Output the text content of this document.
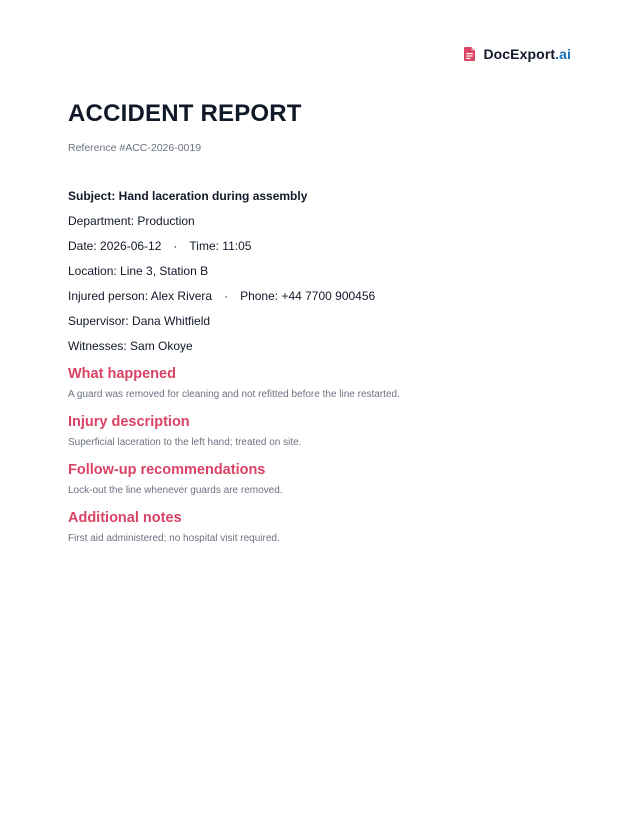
DocExport.ai
ACCIDENT REPORT
Reference #ACC-2026-0019
Subject: Hand laceration during assembly
Department: Production
Date: 2026-06-12 · Time: 11:05
Location: Line 3, Station B
Injured person: Alex Rivera · Phone: +44 7700 900456
Supervisor: Dana Whitfield
Witnesses: Sam Okoye
What happened

A guard was removed for cleaning and not refitted before the line restarted.

Injury description

Superficial laceration to the left hand; treated on site.

Follow-up recommendations

Lock-out the line whenever guards are removed.

Additional notes

First aid administered; no hospital visit required.
